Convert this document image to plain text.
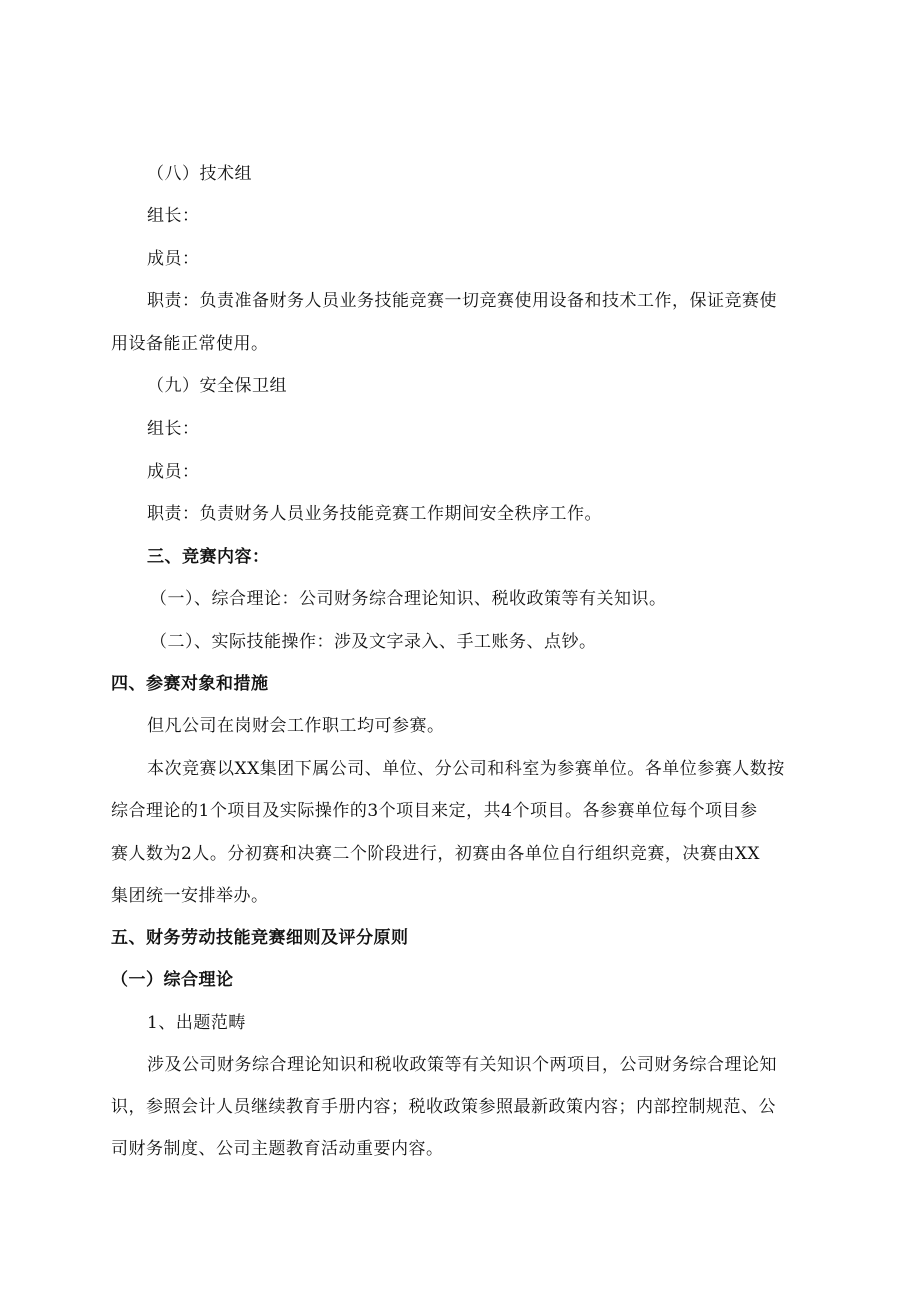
（八）技术组
组长：
成员：
职责：负责准备财务人员业务技能竞赛一切竞赛使用设备和技术工作，保证竞赛使
用设备能正常使用。
（九）安全保卫组
组长：
成员：
职责：负责财务人员业务技能竞赛工作期间安全秩序工作。
三、竞赛内容：
（一）、综合理论：公司财务综合理论知识、税收政策等有关知识。
（二）、实际技能操作：涉及文字录入、手工账务、点钞。
四、参赛对象和措施
但凡公司在岗财会工作职工均可参赛。
本次竞赛以XX集团下属公司、单位、分公司和科室为参赛单位。各单位参赛人数按
综合理论的1个项目及实际操作的3个项目来定，共4个项目。各参赛单位每个项目参
赛人数为2人。分初赛和决赛二个阶段进行，初赛由各单位自行组织竞赛，决赛由XX
集团统一安排举办。
五、财务劳动技能竞赛细则及评分原则
（一）综合理论
1、出题范畴
涉及公司财务综合理论知识和税收政策等有关知识个两项目，公司财务综合理论知
识，参照会计人员继续教育手册内容；税收政策参照最新政策内容；内部控制规范、公
司财务制度、公司主题教育活动重要内容。
